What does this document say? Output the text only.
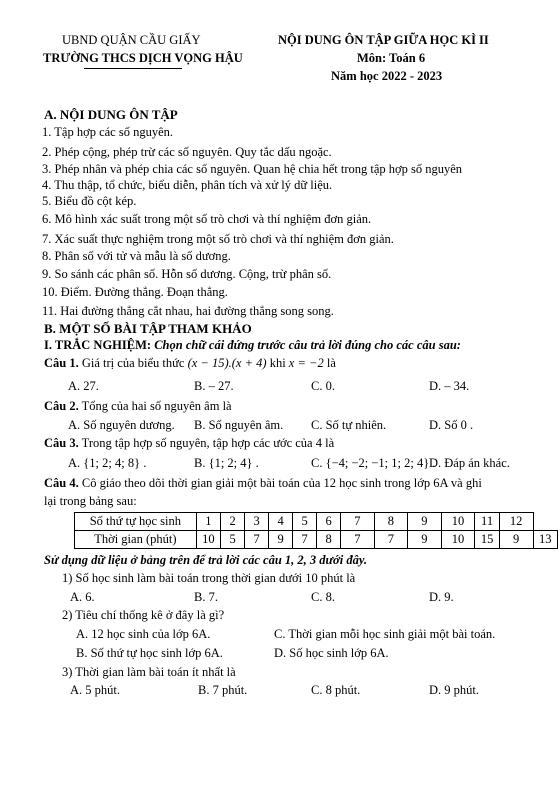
UBND QUẬN CẦU GIẤY
TRƯỜNG THCS DỊCH VỌNG HẬU
NỘI DUNG ÔN TẬP GIỮA HỌC KÌ II
Môn: Toán 6
Năm học 2022 - 2023
A. NỘI DUNG ÔN TẬP
1. Tập hợp các số nguyên.
2. Phép cộng, phép trừ các số nguyên. Quy tắc dấu ngoặc.
3. Phép nhân và phép chia các số nguyên. Quan hệ chia hết trong tập hợp số nguyên
4. Thu thập, tổ chức, biểu diễn, phân tích và xử lý dữ liệu.
5. Biểu đồ cột kép.
6. Mô hình xác suất trong một số trò chơi và thí nghiệm đơn giản.
7. Xác suất thực nghiệm trong một số trò chơi và thí nghiệm đơn giản.
8. Phân số với tử và mẫu là số dương.
9. So sánh các phân số. Hỗn số dương. Cộng, trừ phân số.
10. Điểm. Đường thẳng. Đoạn thẳng.
11. Hai đường thẳng cắt nhau, hai đường thẳng song song.
B. MỘT SỐ BÀI TẬP THAM KHẢO
I. TRẮC NGHIỆM: Chọn chữ cái đứng trước câu trả lời đúng cho các câu sau:
Câu 1. Giá trị của biểu thức (x − 15).(x + 4) khi x = −2 là
A. 27.	B. – 27.	C. 0.	D. – 34.
Câu 2. Tổng của hai số nguyên âm là
A. Số nguyên dương. B. Số nguyên âm. C. Số tự nhiên.	D. Số 0 .
Câu 3. Trong tập hợp số nguyên, tập hợp các ước của 4 là
A. {1; 2; 4; 8} .	B. {1; 2; 4} .	C. {−4; −2; −1; 1; 2; 4} .
D. Đáp án khác.
Câu 4. Cô giáo theo dõi thời gian giải một bài toán của 12 học sinh trong lớp 6A và ghi
lại trong bảng sau:
Số thứ tự học sinh	1	2	3	4	5	6	7	8	9	10	11	12	
Thời gian (phút)	10	5	7	9	7	8	7	7	9	10	15	9	13
Sử dụng dữ liệu ở bảng trên để trả lời các câu 1, 2, 3 dưới đây.
1) Số học sinh làm bài toán trong thời gian dưới 10 phút là
A. 6.	B. 7.	C. 8.	D. 9.
2) Tiêu chí thống kê ở đây là gì?
A. 12 học sinh của lớp 6A.	C. Thời gian mỗi học sinh giải một bài toán.
B. Số thứ tự học sinh lớp 6A.	D. Số học sinh lớp 6A.
3) Thời gian làm bài toán ít nhất là
A. 5 phút.	B. 7 phút.	C. 8 phút.	D. 9 phút.
